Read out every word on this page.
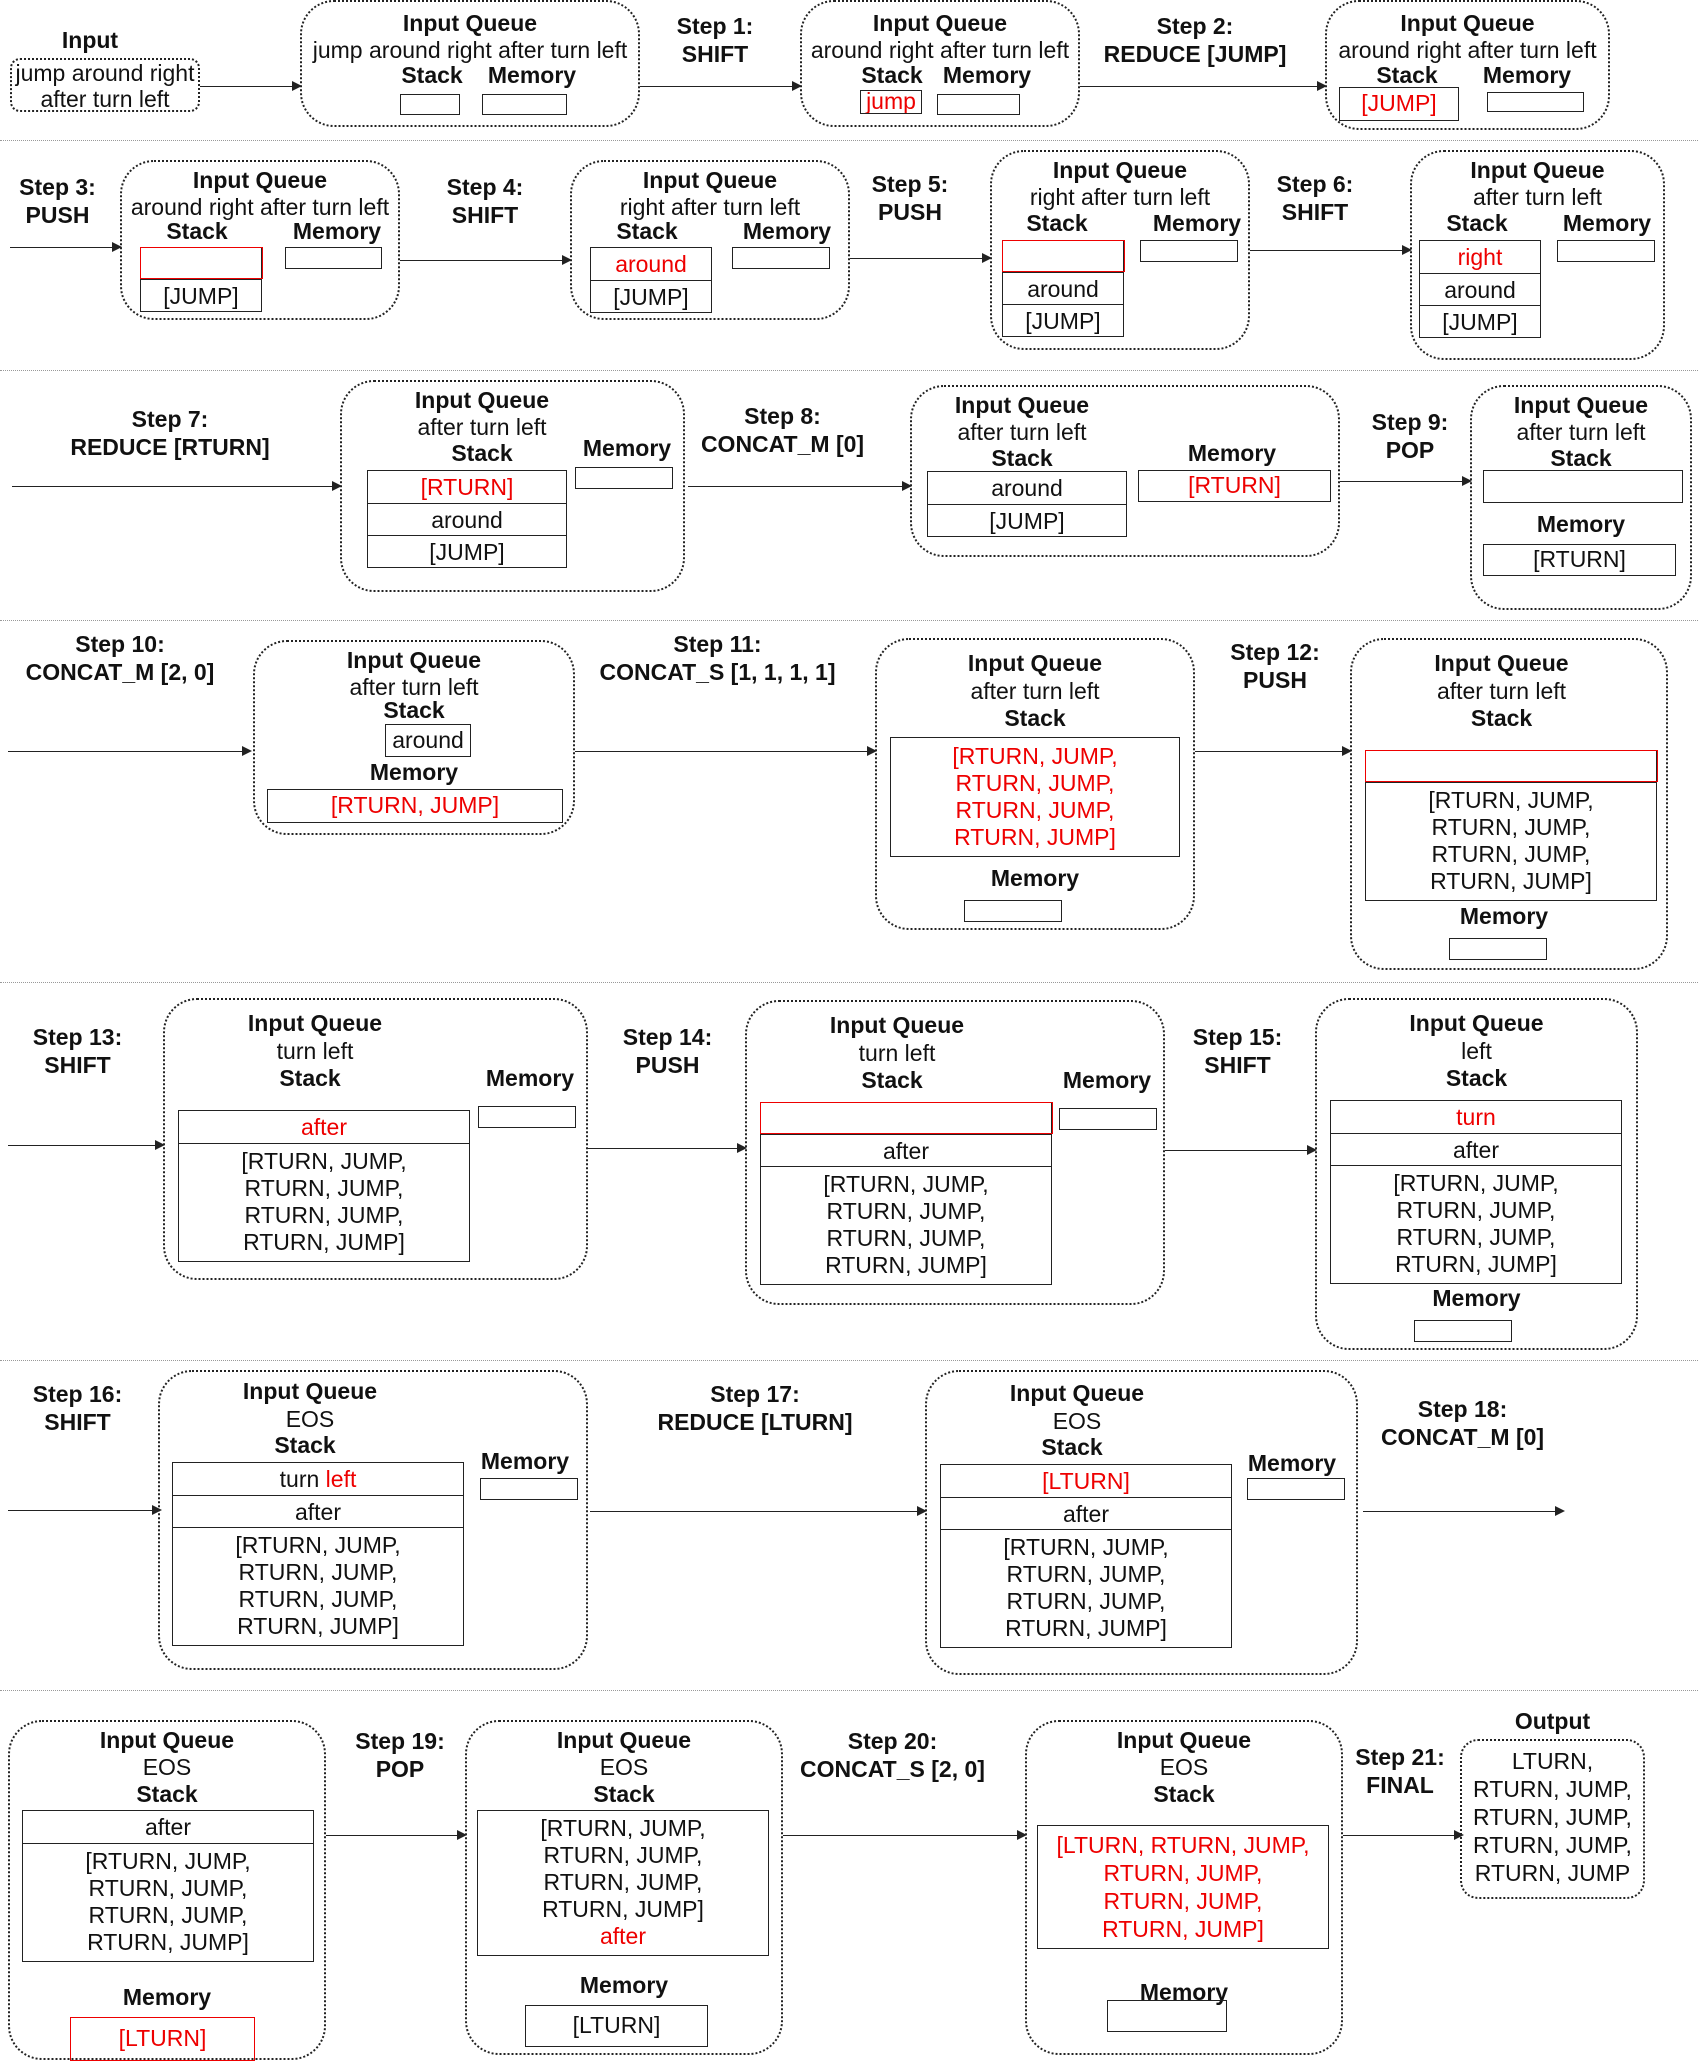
jump around right
after turn left
Input
Input Queue
jump around right after turn left
Stack	Memory
Step 1:
SHIFT
Input Queue
around right after turn left
Stack Memory
jump
Step 2:
REDUCE [JUMP]
Input Queue
around right after turn left
Stack	Memory
[JUMP]
Step 3:
PUSH
Input Queue
around right after turn left
Stack	Memory
[JUMP]
Step 4:
SHIFT
Input Queue
right after turn left
Stack	Memory
around
[JUMP]
Step 5:
PUSH
Input Queue
right after turn left
Stack	Memory
around
[JUMP]
Step 6:
SHIFT
Input Queue
after turn left
Stack	Memory
right
around
[JUMP]
Step 7:
REDUCE [RTURN]
Input Queue
after turn left
Stack	Memory
[RTURN]
around
[JUMP]
Step 8:
CONCAT_M [0]
Input Queue
after turn left
Stack	Memory
around
[JUMP]
[RTURN]
Step 9:
POP
Input Queue
after turn left
Stack
Memory
[RTURN]
Step 10:
CONCAT_M [2, 0]	Input Queue
after turn left
Stack
around
Memory
[RTURN, JUMP]
Step 11:
CONCAT_S [1, 1, 1, 1]	Input Queue
after turn left
Stack
[RTURN, JUMP,
RTURN, JUMP,
RTURN, JUMP,
RTURN, JUMP]
Memory
Step 12:
PUSH
Input Queue
after turn left
Stack
[RTURN, JUMP,
RTURN, JUMP,
RTURN, JUMP,
RTURN, JUMP]
Memory
Step 13:
SHIFT
Input Queue
turn left
Stack	Memory
after
[RTURN, JUMP,
RTURN, JUMP,
RTURN, JUMP,
RTURN, JUMP]
Step 14:
PUSH
Input Queue
turn left
Stack	Memory
after
[RTURN, JUMP,
RTURN, JUMP,
RTURN, JUMP,
RTURN, JUMP]
Step 15:
SHIFT
Input Queue
left
Stack
turn
after
[RTURN, JUMP,
RTURN, JUMP,
RTURN, JUMP,
RTURN, JUMP]
Memory
Step 16:
SHIFT
Input Queue
EOS
Stack
Memory
turn left
after
[RTURN, JUMP,
RTURN, JUMP,
RTURN, JUMP,
RTURN, JUMP]
Step 17:
REDUCE [LTURN]
Input Queue
EOS
Stack
Memory
[LTURN]
after
[RTURN, JUMP,
RTURN, JUMP,
RTURN, JUMP,
RTURN, JUMP]
Step 18:
CONCAT_M [0]
Input Queue
EOS
Stack
after
[RTURN, JUMP,
RTURN, JUMP,
RTURN, JUMP,
RTURN, JUMP]
Memory
[LTURN]
Step 19:
POP
Input Queue
EOS
Stack
[RTURN, JUMP,
RTURN, JUMP,
RTURN, JUMP,
RTURN, JUMP]
after
Memory
[LTURN]
Step 20:
CONCAT_S [2, 0]
Input Queue
EOS
Stack
[LTURN, RTURN, JUMP,
RTURN, JUMP,
RTURN, JUMP,
RTURN, JUMP]
Memory
Step 21:
FINAL
Output
LTURN,
RTURN, JUMP,
RTURN, JUMP,
RTURN, JUMP,
RTURN, JUMP
